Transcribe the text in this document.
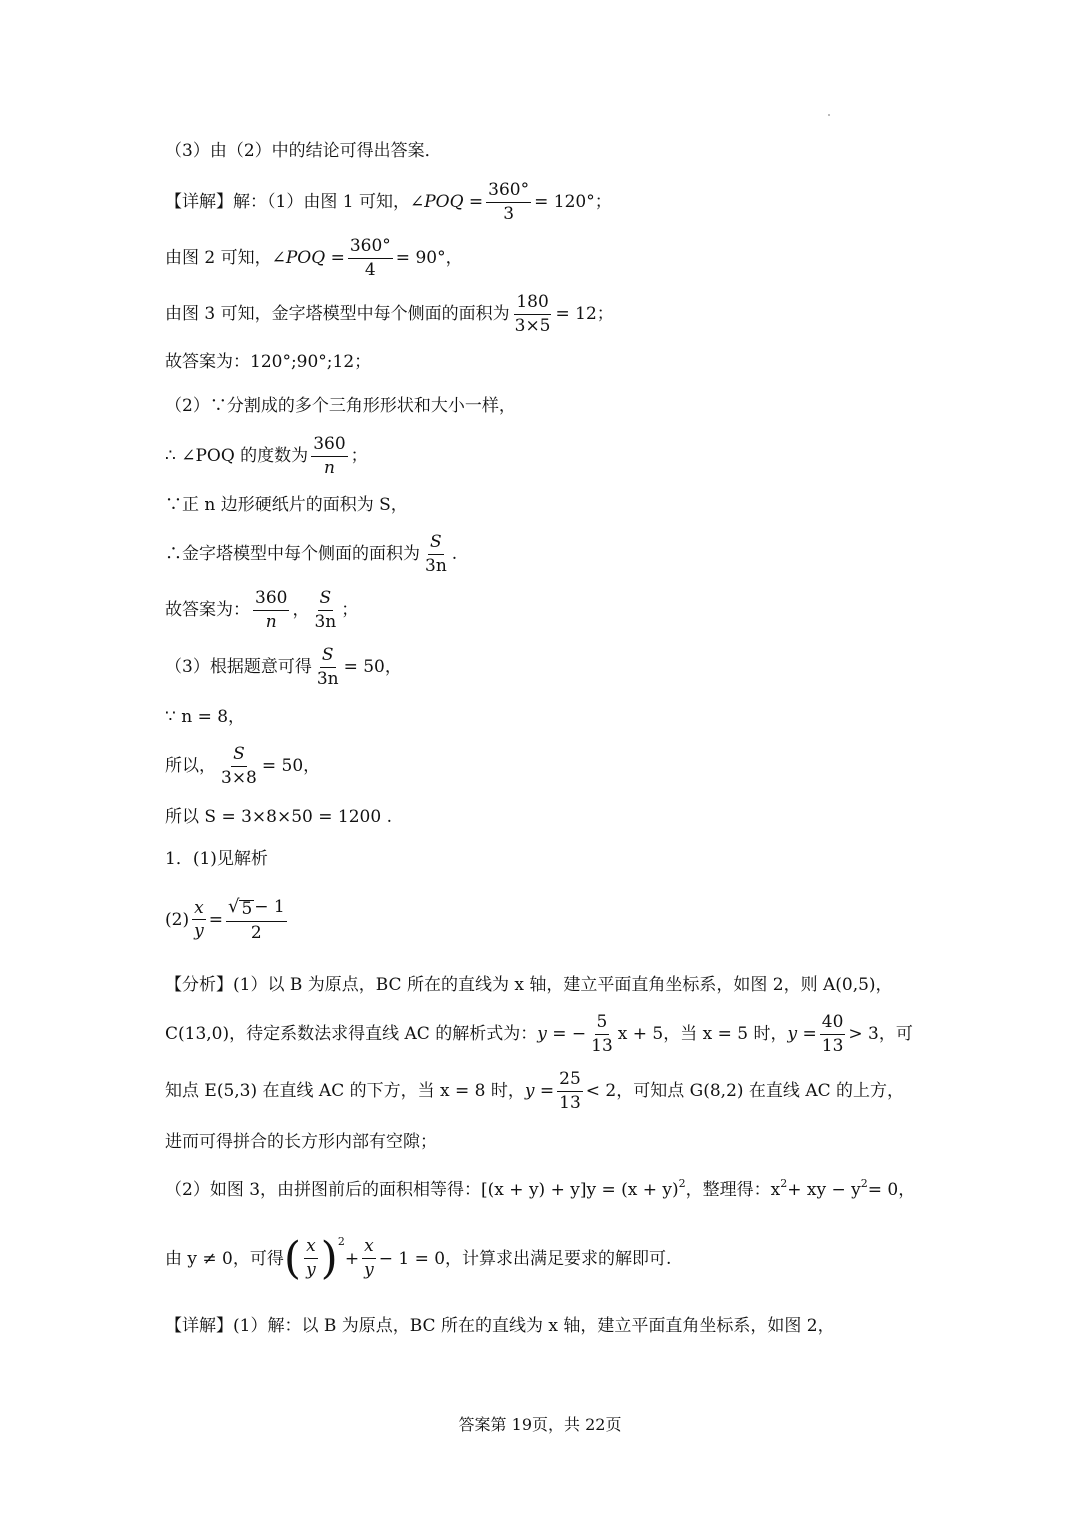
（3）由（2）中的结论可得出答案．
【详解】解：（1）由图 1 可知， ∠POQ = $\frac{360^\circ}{3} = 120^\circ$；
由图 2 可知， ∠POQ = $\frac{360^\circ}{4} = 90^\circ$，
由图 3 可知，金字塔模型中每个侧面的面积为 $\frac{180}{3\times 5} = 12$；
故答案为：120°;90°;12；
（2）∵分割成的多个三角形形状和大小一样，
∴ ∠POQ 的度数为 $\frac{360}{n}$ ；
∵正 n 边形硬纸片的面积为 S，
∴金字塔模型中每个侧面的面积为 $\frac{S}{3n}$ .
故答案为： $\frac{360}{n}$ ， $\frac{S}{3n}$ ；
（3）根据题意可得 $\frac{S}{3n} = 50$，
∵ n = 8，
所以， $\frac{S}{3\times 8} = 50$，
所以 S = 3×8×50 = 1200 .
1．(1)见解析
$(2) \frac{x}{y} = \frac{√ 5 - 1}{2}$
【分析】(1）以 B 为原点，BC 所在的直线为 x 轴，建立平面直角坐标系，如图 2，则 A(0,5)，
C(13,0)，待定系数法求得直线 AC 的解析式为： y = − $\frac{5}{13}$ x + 5，当 x = 5 时， $y = \frac{40}{13} > 3$，可
知点 E(5,3) 在直线 AC 的下方，当 x = 8 时， $y = \frac{25}{13} < 2$，可知点 G(8,2) 在直线 AC 的上方，
进而可得拼合的长方形内部有空隙；
（2）如图 3，由拼图前后的面积相等得：[(x + y) + y]y = (x + y) 2 ，整理得：x 2 + xy − y 2 = 0，
由 y ≠ 0，可得 ( $\frac{x}{y}$ ) 2
+ $\frac{x}{y} - 1 = 0$，计算求出满足要求的解即可.
【详解】(1）解：以 B 为原点，BC 所在的直线为 x 轴，建立平面直角坐标系，如图 2，
答案第 19页，共 22页
